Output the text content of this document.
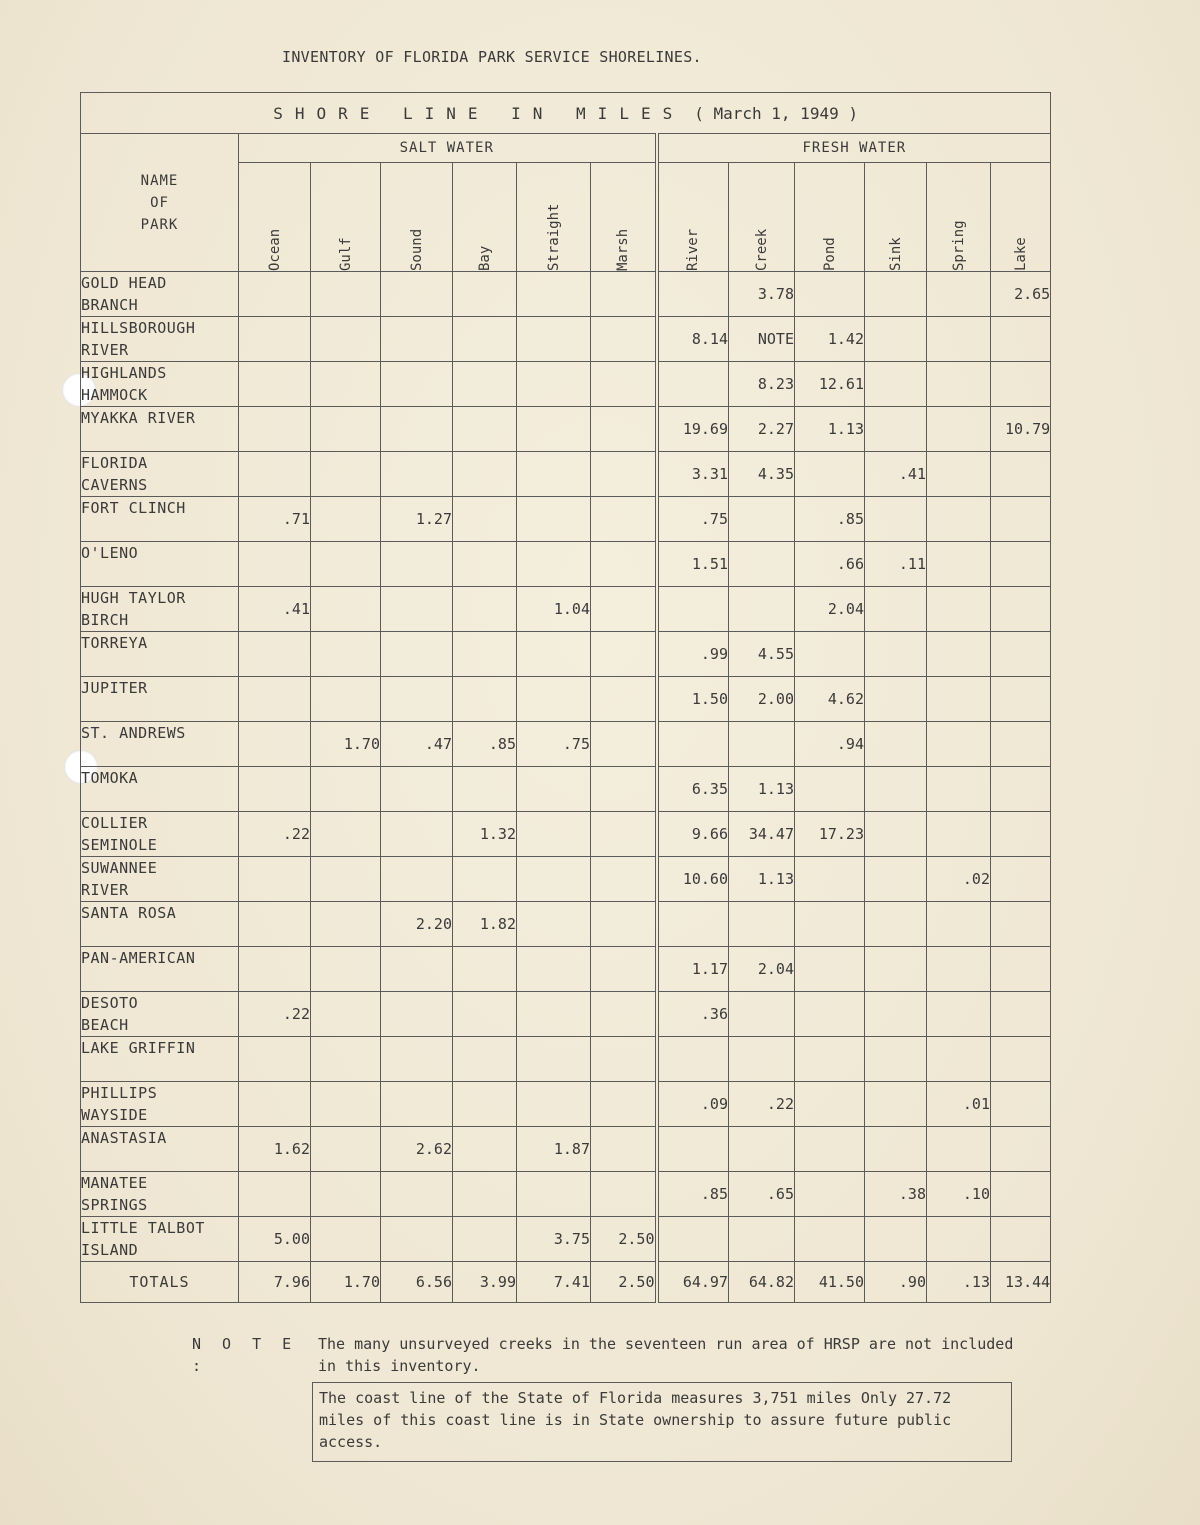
INVENTORY OF FLORIDA PARK SERVICE SHORELINES.
SHORE LINE IN MILES ( March 1, 1949 )												

NAME
OF
PARK	SALT WATER						FRESH WATER					

	Ocean	Gulf	Sound	Bay	Straight	Marsh	River	Creek	Pond	Sink	Spring	Lake

GOLD HEAD
BRANCH								3.78				2.65

HILLSBOROUGH
RIVER							8.14	NOTE	1.42			

HIGHLANDS
HAMMOCK								8.23	12.61			

MYAKKA RIVER							19.69	2.27	1.13			10.79

FLORIDA
CAVERNS							3.31	4.35		.41		

FORT CLINCH	.71		1.27				.75		.85			

O'LENO							1.51		.66	.11		

HUGH TAYLOR
BIRCH	.41				1.04				2.04			

TORREYA							.99	4.55				

JUPITER							1.50	2.00	4.62			

ST. ANDREWS		1.70	.47	.85	.75				.94			

TOMOKA							6.35	1.13				

COLLIER
SEMINOLE	.22			1.32			9.66	34.47	17.23			

SUWANNEE
RIVER							10.60	1.13			.02	

SANTA ROSA			2.20	1.82								

PAN-AMERICAN							1.17	2.04				

DESOTO
BEACH	.22						.36					

LAKE GRIFFIN												

PHILLIPS
WAYSIDE							.09	.22			.01	

ANASTASIA	1.62		2.62		1.87							

MANATEE
SPRINGS							.85	.65		.38	.10	

LITTLE TALBOT
ISLAND	5.00				3.75	2.50						
TOTALS	7.96	1.70	6.56	3.99	7.41	2.50	64.97	64.82	41.50	.90	.13	13.44
N O T E :The many unsurveyed creeks in the seventeen run area of HRSP are not included in this inventory.
The coast line of the State of Florida measures 3,751 miles Only 27.72 miles of this coast line is in State ownership to assure future public access.
